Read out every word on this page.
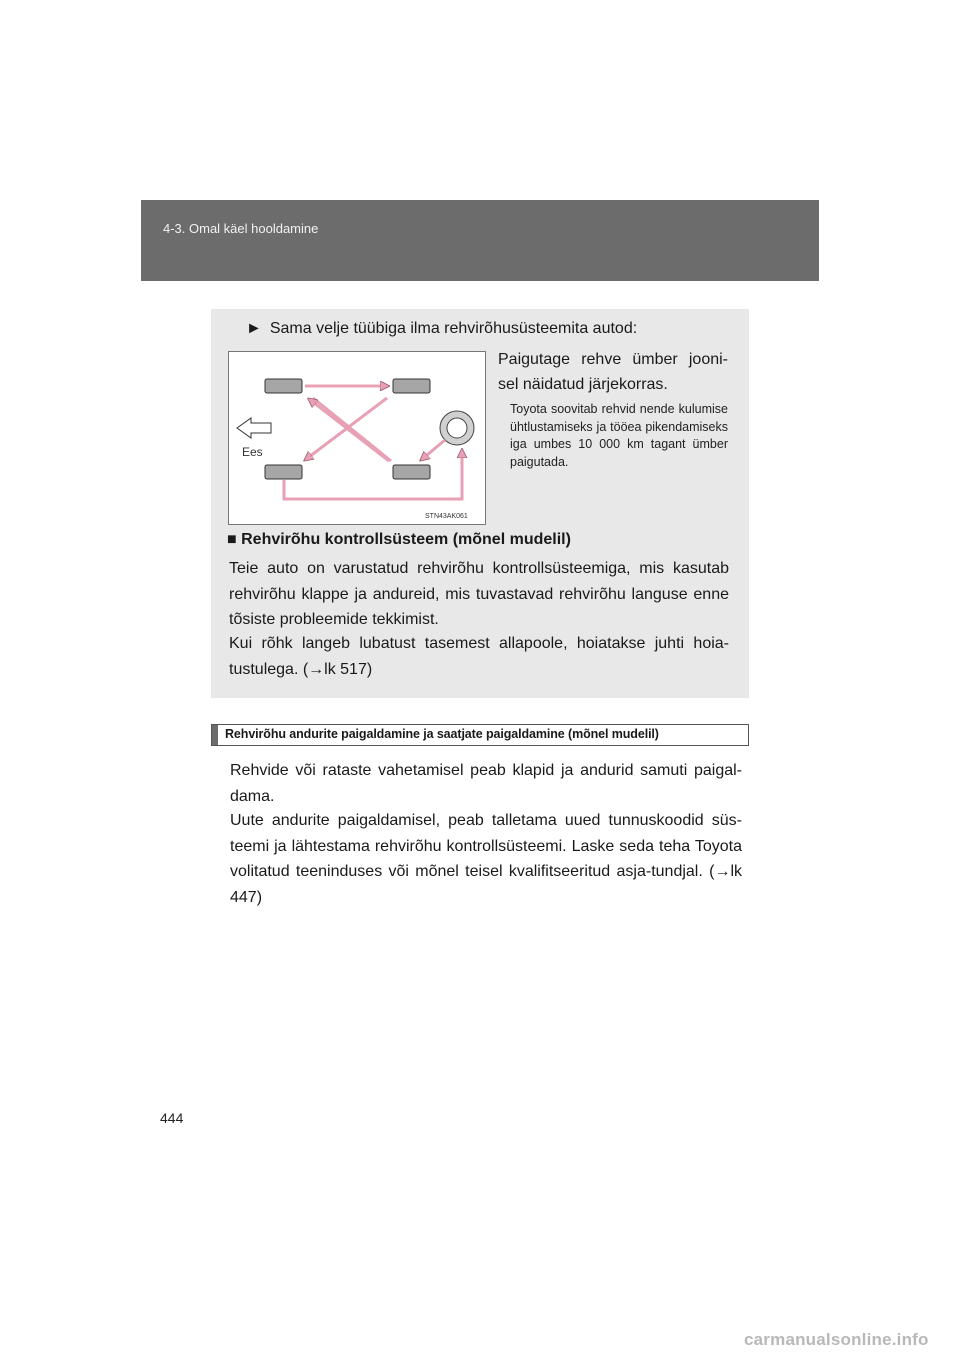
4-3. Omal käel hooldamine
► Sama velje tüübiga ilma rehvirõhusüsteemita autod:
Ees
STN43AK061
Paigutage rehve ümber jooni-sel näidatud järjekorras.
Toyota soovitab rehvid nende kulumise ühtlustamiseks ja tööea pikendamiseks iga umbes 10 000 km tagant ümber paigutada.
■ Rehvirõhu kontrollsüsteem (mõnel mudelil)
Teie auto on varustatud rehvirõhu kontrollsüsteemiga, mis kasutab rehvirõhu klappe ja andureid, mis tuvastavad rehvirõhu languse enne tõsiste probleemide tekkimist.
Kui rõhk langeb lubatust tasemest allapoole, hoiatakse juhti hoia-tustulega. (→lk 517)
Rehvirõhu andurite paigaldamine ja saatjate paigaldamine (mõnel mudelil)
Rehvide või rataste vahetamisel peab klapid ja andurid samuti paigal-dama.
Uute andurite paigaldamisel, peab talletama uued tunnuskoodid süs-teemi ja lähtestama rehvirõhu kontrollsüsteemi. Laske seda teha Toyota volitatud teeninduses või mõnel teisel kvalifitseeritud asja-tundjal. (→lk 447)
444
carmanualsonline.info
